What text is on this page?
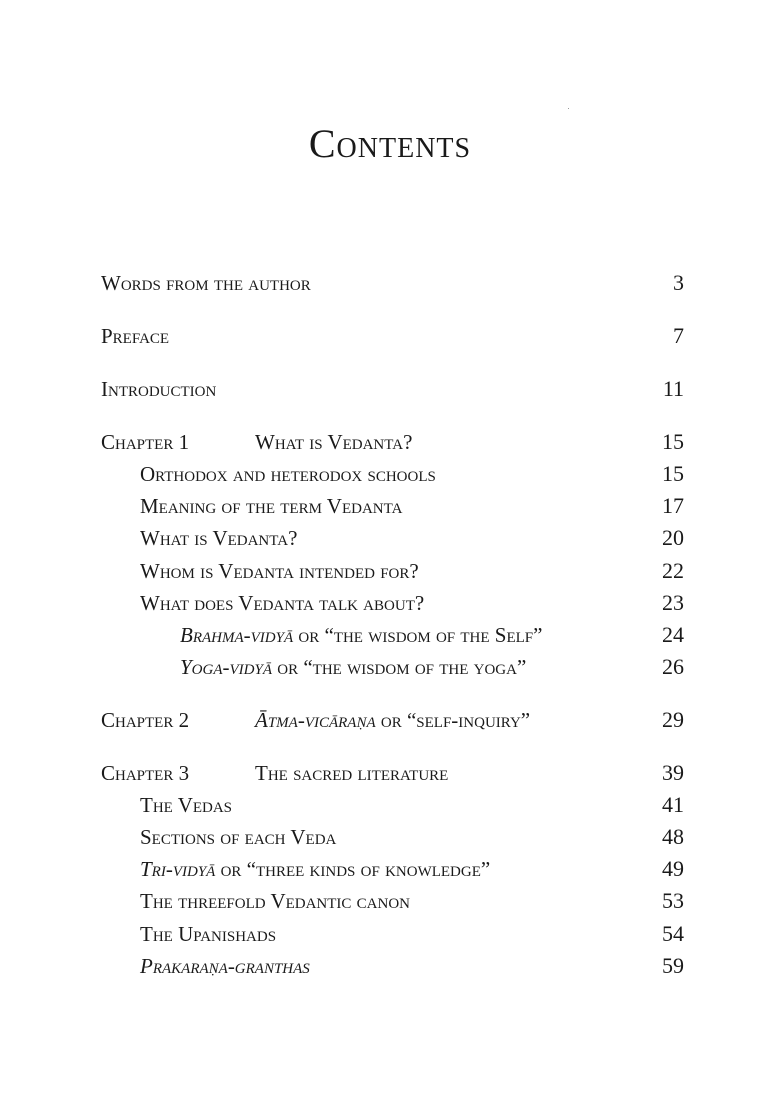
Contents
Words from the author	3
Preface	7
Introduction	11
Chapter 1	What is Vedanta?	15
Orthodox and heterodox schools	15
Meaning of the term Vedanta	17
What is Vedanta?	20
Whom is Vedanta intended for?	22
What does Vedanta talk about?	23
Brahma-vidyā or “the wisdom of the Self”	24
Yoga-vidyā or “the wisdom of the yoga”	26
Chapter 2	Ātma-vicāraṇa or “self-inquiry”	29
Chapter 3	The sacred literature	39
The Vedas	41
Sections of each Veda	48
Tri-vidyā or “three kinds of knowledge”	49
The threefold Vedantic canon	53
The Upanishads	54
Prakaraṇa-granthas	59
